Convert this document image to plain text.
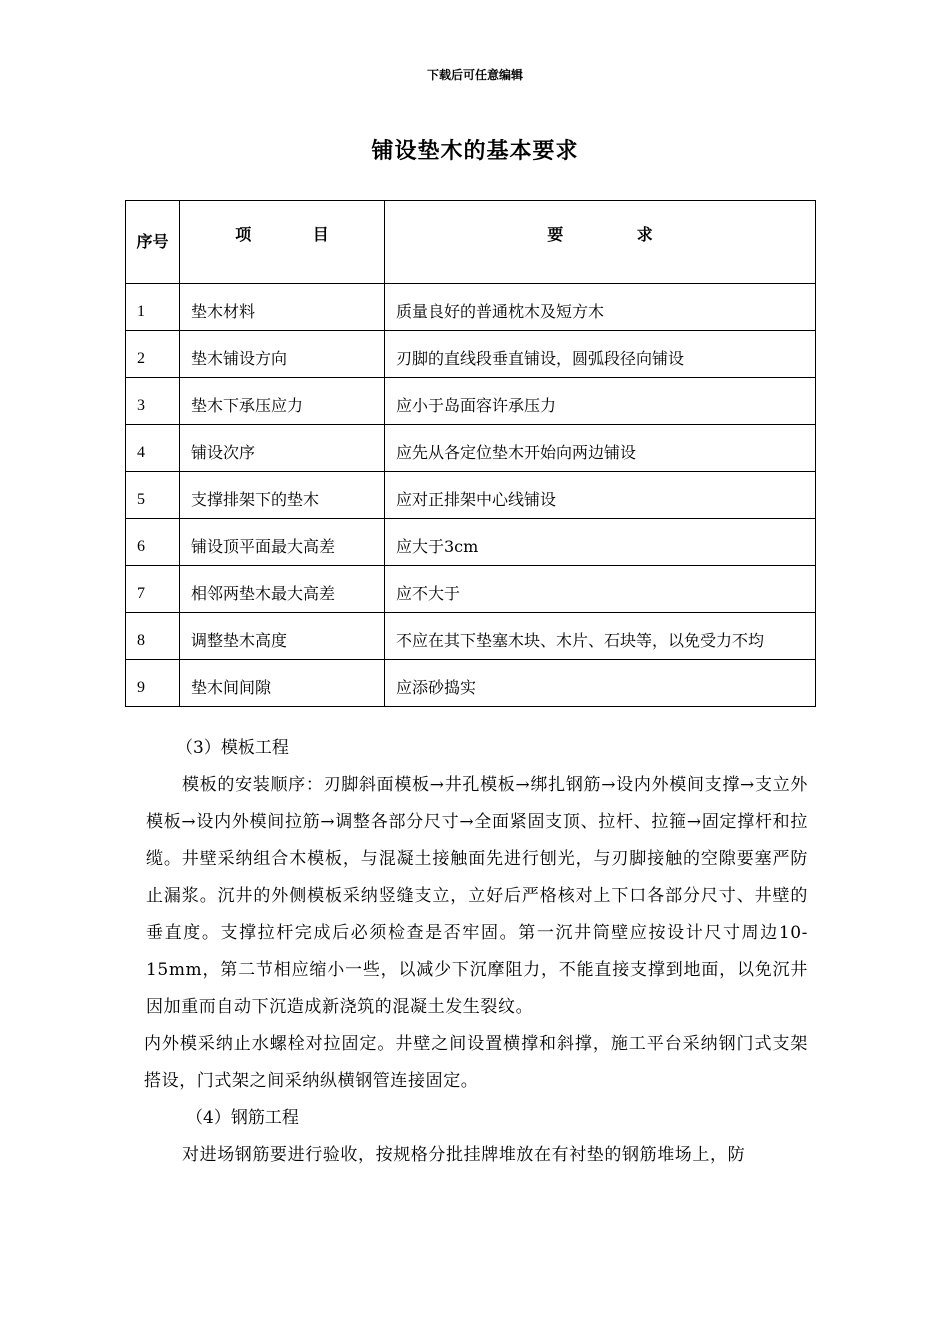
下载后可任意编辑
铺设垫木的基本要求
序号	项 目	要 求
1	垫木材料	质量良好的普通枕木及短方木
2	垫木铺设方向	刃脚的直线段垂直铺设，圆弧段径向铺设
3	垫木下承压应力	应小于岛面容许承压力
4	铺设次序	应先从各定位垫木开始向两边铺设
5	支撑排架下的垫木	应对正排架中心线铺设
6	铺设顶平面最大高差	应大于3cm
7	相邻两垫木最大高差	应不大于
8	调整垫木高度	不应在其下垫塞木块、木片、石块等，以免受力不均
9	垫木间间隙	应添砂捣实

（3）模板工程

模板的安装顺序：刃脚斜面模板→井孔模板→绑扎钢筋→设内外模间支撑→支立外模板→设内外模间拉筋→调整各部分尺寸→全面紧固支顶、拉杆、拉箍→固定撑杆和拉缆。井壁采纳组合木模板，与混凝土接触面先进行刨光，与刃脚接触的空隙要塞严防止漏浆。沉井的外侧模板采纳竖缝支立，立好后严格核对上下口各部分尺寸、井壁的垂直度。支撑拉杆完成后必须检查是否牢固。第一沉井筒壁应按设计尺寸周边10-15mm，第二节相应缩小一些，以减少下沉摩阻力，不能直接支撑到地面，以免沉井因加重而自动下沉造成新浇筑的混凝土发生裂纹。

内外模采纳止水螺栓对拉固定。井壁之间设置横撑和斜撑，施工平台采纳钢门式支架搭设，门式架之间采纳纵横钢管连接固定。

（4）钢筋工程

对进场钢筋要进行验收，按规格分批挂牌堆放在有衬垫的钢筋堆场上，防
